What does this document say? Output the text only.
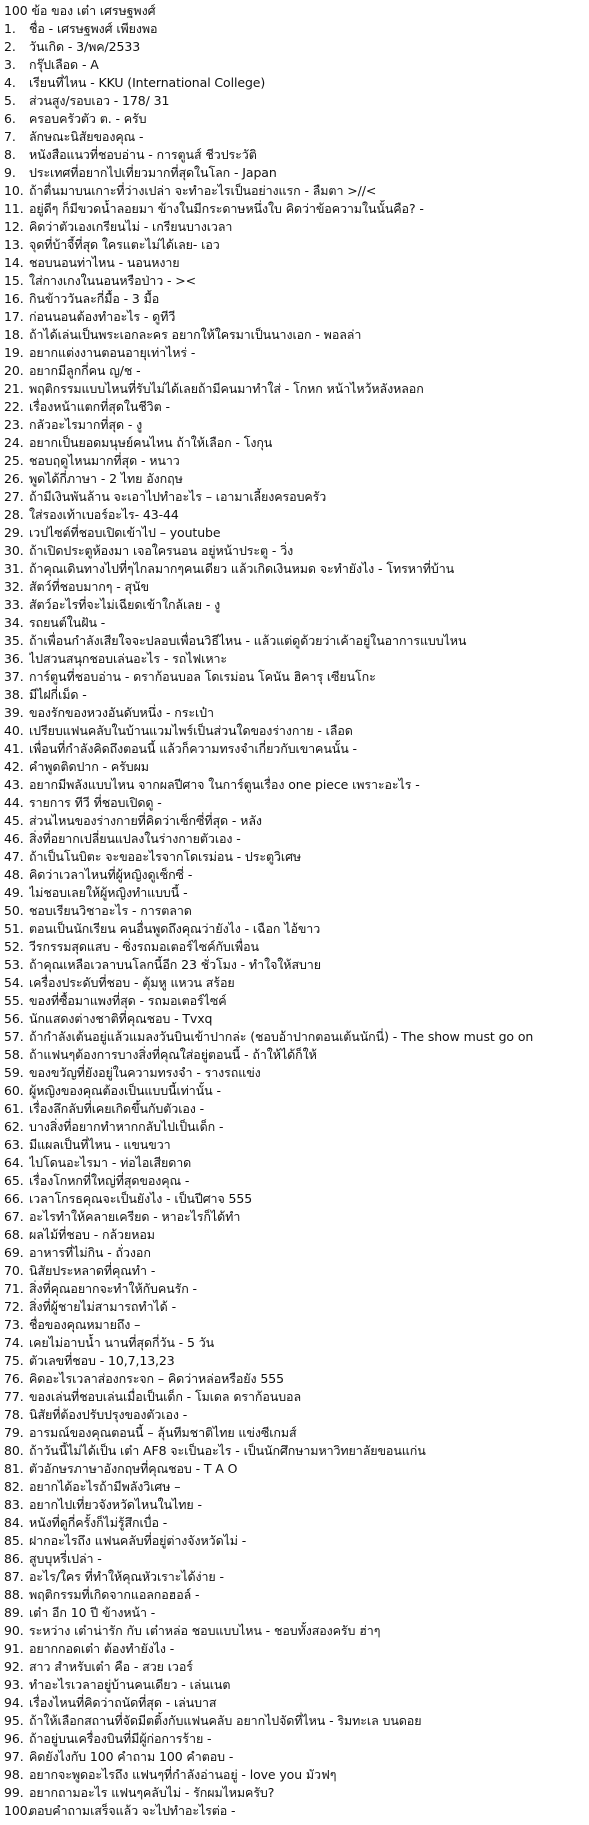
100 ข้อ ของ เต๋า เศรษฐพงศ์
1.	ชื่อ - เศรษฐพงศ์ เพียงพอ
2.	วันเกิด - 3/พค/2533
3.	กรุ๊ปเลือด - A
4.	เรียนที่ไหน - KKU (International College)
5.	ส่วนสูง/รอบเอว - 178/ 31
6.	ครอบครัวตัว ต. - ครับ
7.	ลักษณะนิสัยของคุณ -
8.	หนังสือแนวที่ชอบอ่าน - การตูนส์ ชีวประวัติ
9.	ประเทศที่อยากไปเที่ยวมากที่สุดในโลก - Japan
10. ถ้าตื่นมาบนเกาะที่ว่างเปล่า จะทำอะไรเป็นอย่างแรก - ลืมตา >//<
11. อยู่ดีๆ ก็มีขวดน้ำลอยมา ข้างในมีกระดาษหนึ่งใบ คิดว่าข้อความในนั้นคือ? -
12. คิดว่าตัวเองเกรียนไม่ - เกรียนบางเวลา
13. จุดที่บ้าจี้ที่สุด ใครแตะไม่ได้เลย- เอว
14. ชอบนอนท่าไหน - นอนหงาย
15. ใส่กางเกงในนอนหรือป่าว - ><
16. กินข้าววันละกี่มื้อ - 3 มื้อ
17. ก่อนนอนต้องทำอะไร - ดูทีวี
18. ถ้าได้เล่นเป็นพระเอกละคร อยากให้ใครมาเป็นนางเอก - พอลล่า
19. อยากแต่งงานตอนอายุเท่าไหร่ -
20. อยากมีลูกกี่คน ญ/ช -
21. พฤติกรรมแบบไหนที่รับไม่ได้เลยถ้ามีคนมาทำใส่ - โกหก หน้าไหว้หลังหลอก
22. เรื่องหน้าแตกที่สุดในชีวิต -
23. กลัวอะไรมากที่สุด - งู
24. อยากเป็นยอดมนุษย์คนไหน ถ้าให้เลือก - โงกุน
25. ชอบฤดูไหนมากที่สุด - หนาว
26. พูดได้กี่ภาษา - 2 ไทย อังกฤษ
27. ถ้ามีเงินพันล้าน จะเอาไปทำอะไร – เอามาเลี้ยงครอบครัว
28. ใส่รองเท้าเบอร์อะไร- 43-44
29. เวปไซต์ที่ชอบเปิดเข้าไป – youtube
30. ถ้าเปิดประตูห้องมา เจอใครนอน อยู่หน้าประตู - วิ่ง
31. ถ้าคุณเดินทางไปที่ๆไกลมากๆคนเดียว แล้วเกิดเงินหมด จะทำยังไง - โทรหาที่บ้าน
32. สัตว์ที่ชอบมากๆ - สุนัข
33. สัตว์อะไรที่จะไม่เฉียดเข้าใกล้เลย - งู
34. รถยนต์ในฝัน -
35. ถ้าเพื่อนกำลังเสียใจจะปลอบเพื่อนวิธีไหน - แล้วแต่ดูด้วยว่าเค้าอยู่ในอาการแบบไหน
36. ไปสวนสนุกชอบเล่นอะไร - รถไฟเหาะ
37. การ์ตูนที่ชอบอ่าน - ดราก้อนบอล โดเรม่อน โคนัน ฮิคารุ เซียนโกะ
38. มีไฝกี่เม็ด -
39. ของรักของหวงอันดับหนึ่ง - กระเป๋า
40. เปรียบแฟนคลับในบ้านแวมไพร์เป็นส่วนใดของร่างกาย - เลือด
41. เพื่อนที่กำลังคิดถึงตอนนี้ แล้วก็ความทรงจำเกี่ยวกับเขาคนนั้น -
42. คำพูดติดปาก - ครับผม
43. อยากมีพลังแบบไหน จากผลปีศาจ ในการ์ตูนเรื่อง one piece เพราะอะไร -
44. รายการ ทีวี ที่ชอบเปิดดู -
45. ส่วนไหนของร่างกายที่คิดว่าเซ็กซี่ที่สุด - หลัง
46. สิ่งที่อยากเปลี่ยนแปลงในร่างกายตัวเอง -
47. ถ้าเป็นโนบิตะ จะขออะไรจากโดเรม่อน - ประตูวิเศษ
48. คิดว่าเวลาไหนที่ผู้หญิงดูเซ็กซี่ -
49. ไม่ชอบเลยให้ผู้หญิงทำแบบนี้ -
50. ชอบเรียนวิชาอะไร - การตลาด
51. ตอนเป็นนักเรียน คนอื่นพูดถึงคุณว่ายังไง - เฉือก ไอ้ขาว
52. วีรกรรมสุดแสบ - ซิ่งรถมอเตอร์ไซค์กับเพื่อน
53. ถ้าคุณเหลือเวลาบนโลกนี้อีก 23 ชั่วโมง - ทำใจให้สบาย
54. เครื่องประดับที่ชอบ - ตุ้มหู แหวน สร้อย
55. ของที่ซื้อมาแพงที่สุด - รถมอเตอร์ไซค์
56. นักแสดงต่างชาติที่คุณชอบ - Tvxq
57. ถ้ากำลังเต้นอยู่แล้วแมลงวันบินเข้าปากล่ะ (ชอบอ้าปากตอนเต้นนักนี่) - The show must go on
58. ถ้าแฟนๆต้องการบางสิ่งที่คุณใส่อยู่ตอนนี้ - ถ้าให้ได้ก็ให้
59. ของขวัญที่ยังอยู่ในความทรงจำ - รางรถแข่ง
60. ผู้หญิงของคุณต้องเป็นแบบนี้เท่านั้น -
61. เรื่องลึกลับที่เคยเกิดขึ้นกับตัวเอง -
62. บางสิ่งที่อยากทำหากกลับไปเป็นเด็ก -
63. มีแผลเป็นที่ไหน - แขนขวา
64. ไปโดนอะไรมา - ท่อไอเสียดาด
65. เรื่องโกหกที่ใหญ่ที่สุดของคุณ -
66. เวลาโกรธคุณจะเป็นยังไง - เป็นปีศาจ 555
67. อะไรทำให้คลายเครียด - หาอะไรก็ได้ทำ
68. ผลไม้ที่ชอบ - กล้วยหอม
69. อาหารที่ไม่กิน - ถั่วงอก
70. นิสัยประหลาดที่คุณทำ -
71. สิ่งที่คุณอยากจะทำให้กับคนรัก -
72. สิ่งที่ผู้ชายไม่สามารถทำได้ -
73. ชื่อของคุณหมายถึง –
74. เคยไม่อาบน้ำ นานที่สุดกี่วัน - 5 วัน
75. ตัวเลขที่ชอบ - 10,7,13,23
76. คิดอะไรเวลาส่องกระจก – คิดว่าหล่อหรือยัง 555
77. ของเล่นที่ชอบเล่นเมื่อเป็นเด็ก - โมเดล ดราก้อนบอล
78. นิสัยที่ต้องปรับปรุงของตัวเอง -
79. อารมณ์ของคุณตอนนี้ – ลุ้นทีมชาติไทย แข่งซีเกมส์
80. ถ้าวันนี้ไม่ได้เป็น เต๋า AF8 จะเป็นอะไร - เป็นนักศึกษามหาวิทยาลัยขอนแก่น
81. ตัวอักษรภาษาอังกฤษที่คุณชอบ - T A O
82. อยากได้อะไรถ้ามีพลังวิเศษ –
83. อยากไปเที่ยวจังหวัดไหนในไทย -
84. หนังที่ดูกี่ครั้งก็ไม่รู้สึกเบื่อ -
85. ฝากอะไรถึง แฟนคลับที่อยู่ต่างจังหวัดไม่ -
86. สูบบุหรี่เปล่า -
87. อะไร/ใคร ที่ทำให้คุณหัวเราะได้ง่าย -
88. พฤติกรรมที่เกิดจากแอลกอฮอล์ -
89. เต๋า อีก 10 ปี ข้างหน้า -
90. ระหว่าง เต๋าน่ารัก กับ เต๋าหล่อ ชอบแบบไหน - ชอบทั้งสองครับ ฮ่าๆ
91. อยากกอดเต๋า ต้องทำยังไง -
92. สาว สำหรับเต๋า คือ - สวย เวอร์
93. ทำอะไรเวลาอยู่บ้านคนเดียว - เล่นเนต
94. เรื่องไหนที่คิดว่าถนัดที่สุด - เล่นบาส
95. ถ้าให้เลือกสถานที่จัดมีตติ้งกับแฟนคลับ อยากไปจัดที่ไหน - ริมทะเล บนดอย
96. ถ้าอยู่บนเครื่องบินที่มีผู้ก่อการร้าย -
97. คิดยังไงกับ 100 คำถาม 100 คำตอบ -
98. อยากจะพูดอะไรถึง แฟนๆที่กำลังอ่านอยู่ - love you มัวฟๆ
99. อยากถามอะไร แฟนๆคลับไม่ - รักผมไหมครับ?
100.
ตอบคำถามเสร็จแล้ว จะไปทำอะไรต่อ -
